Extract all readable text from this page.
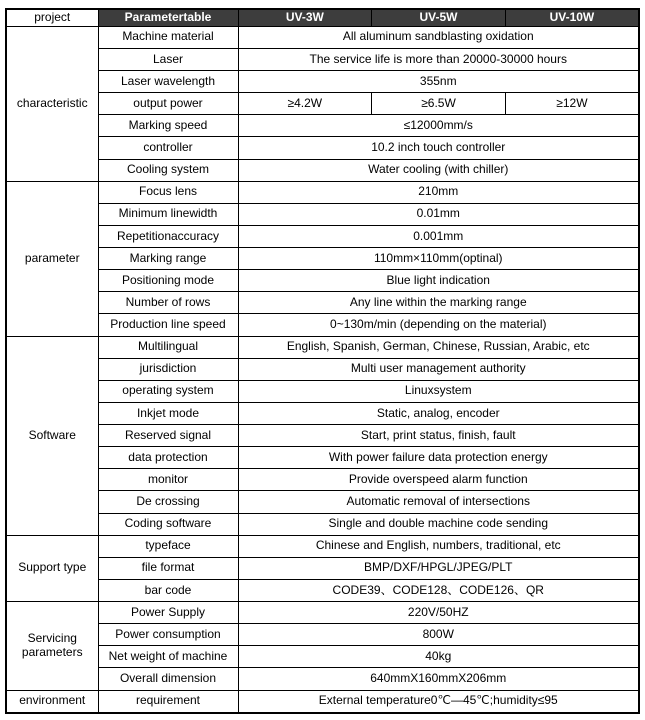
project	Parametertable	UV-3W	UV-5W	UV-10W
characteristic	Machine material	All aluminum sandblasting oxidation		
	Laser	The service life is more than 20000-30000 hours		
	Laser wavelength	355nm		
	output power	≥4.2W	≥6.5W	≥12W
	Marking speed	≤12000mm/s		
	controller	10.2 inch touch controller		
	Cooling system	Water cooling (with chiller)		
parameter	Focus lens	210mm		
	Minimum linewidth	0.01mm		
	Repetitionaccuracy	0.001mm		
	Marking range	110mm×110mm(optinal)		
	Positioning mode	Blue light indication		
	Number of rows	Any line within the marking range		
	Production line speed	0~130m/min (depending on the material)		
Software	Multilingual	English, Spanish, German, Chinese, Russian, Arabic, etc		
	jurisdiction	Multi user management authority		
	operating system	Linuxsystem		
	Inkjet mode	Static, analog, encoder		
	Reserved signal	Start, print status, finish, fault		
	data protection	With power failure data protection energy		
	monitor	Provide overspeed alarm function		
	De crossing	Automatic removal of intersections		
	Coding software	Single and double machine code sending		
Support type	typeface	Chinese and English, numbers, traditional, etc		
	file format	BMP/DXF/HPGL/JPEG/PLT		
	bar code	CODE39、CODE128、CODE126、QR		
Servicing parameters	Power Supply	220V/50HZ		
	Power consumption	800W		
	Net weight of machine	40kg		
	Overall dimension	640mmX160mmX206mm		
environment	requirement	External temperature0℃—45℃;humidity≤95		
